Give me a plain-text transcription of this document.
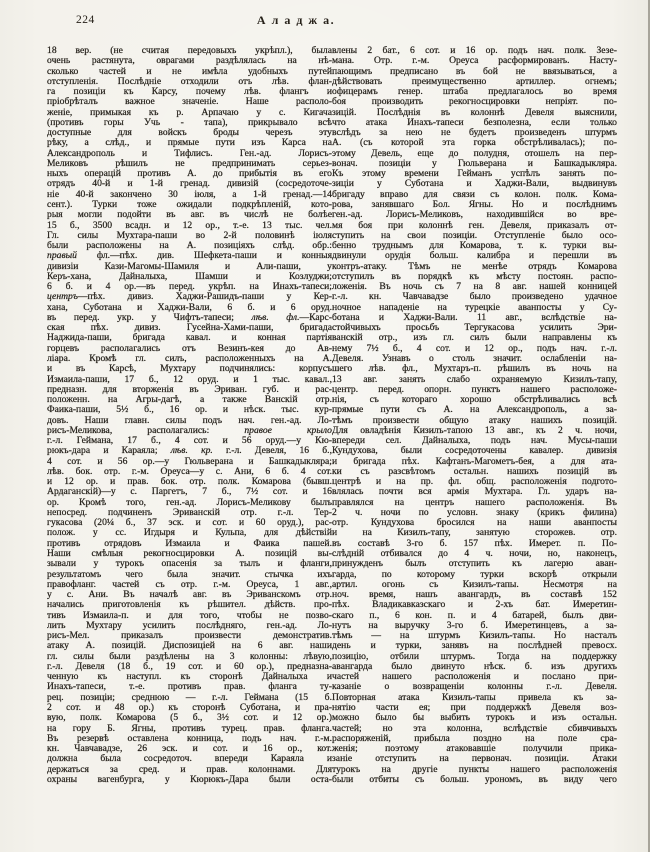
224	А л а д ж а.
18 вер. (не считая передовыхъ укрѣпл.), была
очень растянута, оврагами раздѣлялась на нѣ-
сколько частей и не имѣла удобныхъ путей
отступленія. Послѣдніе отходили отъ лѣв. флан-
га позиціи къ Карсу, почему лѣв. флангъ и
пріобрѣталъ важное значеніе. Наше располо-
женіе, примыкая къ р. Арпачаю у с. Кигача
(противъ горы Учь - тапа), прикрывало всѣ
доступные для войскъ броды черезъ эту
рѣку, а слѣд., и прямые пути изъ Карса на
Александрополь и Тифлисъ. Ген.-ад. Лорисъ-
Меликовъ рѣшилъ не предпринимать серьез-
ныхъ операцій противъ А. до прибытія въ его
отрядъ 40-й и 1-й гренад. дивизій (сосредоточе-
ніе 40-й закончено 30 іюля, а 1-й гренад.—14
сент.). Турки тоже ожидали подкрѣпленій, кото-
рыя могли подойти въ авг. въ числѣ не болѣе
15 б., 3500 всадн. и 12 ор., т.-е. 13 тыс. чел.
Гл. силы Мухтара-паши во 2-й половинѣ іюля
были расположены на А. позиціяхъ слѣд. обр.:
правый фл.—пѣх. див. Шефкета-паши и конныя
дивизіи Кази-Магомы-Шамиля и Али-паши, у
Керъ-хана, Дайналыха, Шамши и Козлуджи;
6 б. и 4 ор.—въ перед. укрѣп. на Инахъ-тапеси;
центръ—пѣх. дивиз. Хаджи-Рашидъ-паши у Кер-
хана, Суботана и Хаджи-Вали, 6 б. и 6 оруд.
въ перед. укр. у Чифтъ-тапеси; лѣв. фл.—Карс-
ская пѣх. дивиз. Гусейна-Хами-паши, бригада
Наджида-паши, бригада кавал. и конная партія
горцевъ располагались отъ Везинъ-кея до Ав-
ліара. Кромѣ гл. силъ, расположенныхъ на А.
и въ Карсѣ, Мухтару подчинялись: корпусъ
Измаила-паши, 17 б., 12 оруд. и 1 тыс. кавал.,
предназн. для вторженія въ Эриван. губ. и рас-
положенн. на Агры-дагѣ, а также Ванскій отр.
Фаика-паши, 5½ б., 16 ор. и нѣск. тыс. кур-
довъ. Наши главн. силы подъ нач. ген.-ад. Ло-
рисъ-Меликова, располагались: правое крыло
г.-л. Геймана, 17 б., 4 сот. и 56 оруд.—у Кю-
рюкъ-дара и Караяла; лѣв. кр. г.-л. Девеля, 16 б.,
4 сот. и 56 ор.—у Гюльверана и Башкадыкляра;
лѣв. бок. отр. г.-м. Ореуса—у с. Ани, 6 б. 4 сот.
и 12 ор. и прав. бок. отр. полк. Комарова (бывш.
Ардаганскій)—у с. Паргетъ, 7 б., 7½ сот. и 16
ор. Кромѣ того, ген.-ад. Лорисъ-Меликову былъ
непосред. подчиненъ Эриванскій отр. г.-л. Тер-
гукасова (20¼ б., 37 эск. и сот. и 60 оруд.), рас-
полож. у сс. Игдыря и Кульпа, для дѣйствій
противъ отрядовъ Измаила и Фаика пашей.
Наши смѣлыя рекогносцировки А. позицій вы-
зывали у турокъ опасенія за тылъ и фланги,
результатомъ чего была значит. стычка ихъ
правофланг. частей съ отр. г.-м. Ореуса, 1 авг.,
у с. Ани. Въ началѣ авг. въ Эриванскомъ отр.
начались приготовленія къ рѣшител. дѣйств. про-
тивъ Измаила-п. и для того, чтобы не позво-
лить Мухтару усилить послѣдняго, ген.-ад. Ло-
рисъ-Мел. приказалъ произвести демонстратив.
атаку А. позицій. Диспозиціей на 6 авг. наши
гл. силы были раздѣлены на 3 колонны: лѣвую,
г.-л. Девеля (18 б., 19 сот. и 60 ор.), предназна-
ченную къ наступл. къ сторонѣ Дайналыха и
Инахъ-тапеси, т.-е. противъ прав. фланга ту-
рец. позиціи; среднюю — г.-л. Геймана (15 б.
2 сот. и 48 ор.) къ сторонѣ Суботана, и пра-
вую, полк. Комарова (5 б., 3½ сот. и 12 ор.)
на гору Б. Ягны, противъ турец. прав. фланга.
Въ резервѣ оставлена конница, подъ нач. г.-м.
кн. Чавчавадзе, 26 эск. и сот. и 16 ор., кот.
должна была сосредоточ. впереди Караяла и
держаться за сред. и прав. колоннами. Для
охраны вагенбурга, у Кюрюкъ-Дара были оста-
влены 2 бат., 6 сот. и 16 ор. подъ нач. полк. Зезе-
мана. Отр. г.-м. Ореуса расформированъ. Насту-
пающимъ предписано въ бой не ввязываться, а
дѣйствовать преимущественно артиллер. огнемъ;
офицерамъ генер. штаба предлагалось во время
боя производить рекогносцировки непріят. по-
зицій. Послѣднія въ колоннѣ Девеля выяснили,
что атака Инахъ-тапеси безполезна, если только
вслѣдъ за нею не будетъ произведенъ штурмъ
А. (съ которой эта горка обстрѣливалась); по-
этому Девель, еще до полудня, отошелъ на пер-
вонач. позиціи у Гюльверана и Башкадыкляра.
Къ этому времени Гейманъ успѣлъ занять по-
зиціи у Суботана и Хаджи-Вали, выдвинувъ
бригаду вправо для связи съ колон. полк. Кома-
рова, занявшаго Бол. Ягны. Но и послѣднимъ
ген.-ад. Лорисъ-Меликовъ, находившійся во вре-
мя боя при колоннѣ ген. Девеля, приказалъ от-
ступить на свои позиціи. Отступленіе было осо-
бенно труднымъ для Комарова, т. к. турки вы-
двинули орудія больш. калибра и перешли въ
контръ-атаку. Тѣмъ не менѣе отрядъ Комарова
отступилъ въ порядкѣ къ мѣсту постоян. распо-
ложенія. Въ ночь съ 7 на 8 авг. нашей конницей
г.-л. кн. Чавчавадзе было произведено удачное
ночное нападеніе на турецкіе аванпосты у Су-
ботана и Хаджи-Вали. 11 авг., вслѣдствіе на-
стойчивыхъ просьбъ Тергукасова усилить Эри-
ванскій отр., изъ гл. силъ были направлены къ
нему 7½ б., 4 сот. и 12 ор., подъ нач. г.-л.
Девеля. Узнавъ о столь значит. ослабленіи на-
шего лѣв. фл., Мухтаръ-п. рѣшилъ въ ночь на
13 авг. занять слабо охраняемую Кизилъ-тапу,
центр. перед. опорн. пунктъ нашего расположе-
нія, съ котораго хорошо обстрѣливались всѣ
прямые пути съ А. на Александрополь, а за-
тѣмъ произвести общую атаку нашихъ позицій.
Для овладѣнія Кизилъ-тапою 13 авг., къ 2 ч. ночи,
впереди сел. Дайналыха, подъ нач. Мусы-паши
Кундухова, были сосредоточены кавалер. дивизія
и бригада пѣх. Кафтанъ-Магометъ-бея, а для ата-
ки съ разсвѣтомъ остальн. нашихъ позицій въ
центрѣ и на пр. фл. общ. расположенія подгото-
влялась почти вся армія Мухтара. Гл. ударъ на-
правлялся на центръ нашего расположенія. Въ
2 ч. ночи по условн. знаку (крикъ филина)
отр. Кундухова бросился на наши аванпосты
и на Кизилъ-тапу, занятую сторожев. отр.
въ составѣ 3-го б. 157 пѣх. Имерет. п. По-
слѣдній отбивался до 4 ч. ночи, но, наконецъ,
принужденъ былъ отступить къ лагерю аван-
гарда, по которому турки вскорѣ открыли
артил. огонь съ Кизилъ-тапы. Несмотря на
ноч. время, нашъ авангардъ, въ составѣ 152
пѣх. Владикавказскаго и 2-хъ бат. Имеретин-
скаго п., 6 кон. п. и 4 батарей, былъ дви-
нутъ на выручку 3-го б. Имеретинцевъ, а за-
тѣмъ — на штурмъ Кизилъ-тапы. Но насталъ
день и турки, занявъ на послѣдней превосх.
позицію, отбили штурмъ. Тогда на поддержку
авангарда было двинуто нѣск. б. изъ другихъ
частей нашего расположенія и послано при-
казаніе о возвращеніи колонны г.-л. Девеля.
Повторная атака Кизилъ-тапы привела къ за-
нятію части ея; при поддержкѣ Девеля воз-
можно было бы выбить турокъ и изъ остальн.
частей; но эта колонна, вслѣдствіе сбивчивыхъ
распоряженій, прибыла поздно на поле сра-
женія; поэтому атаковавшіе получили прика-
заніе отступить на первонач. позиціи. Атаки
турокъ на другіе пункты нашего расположенія
были отбиты съ больш. урономъ, въ виду чего
